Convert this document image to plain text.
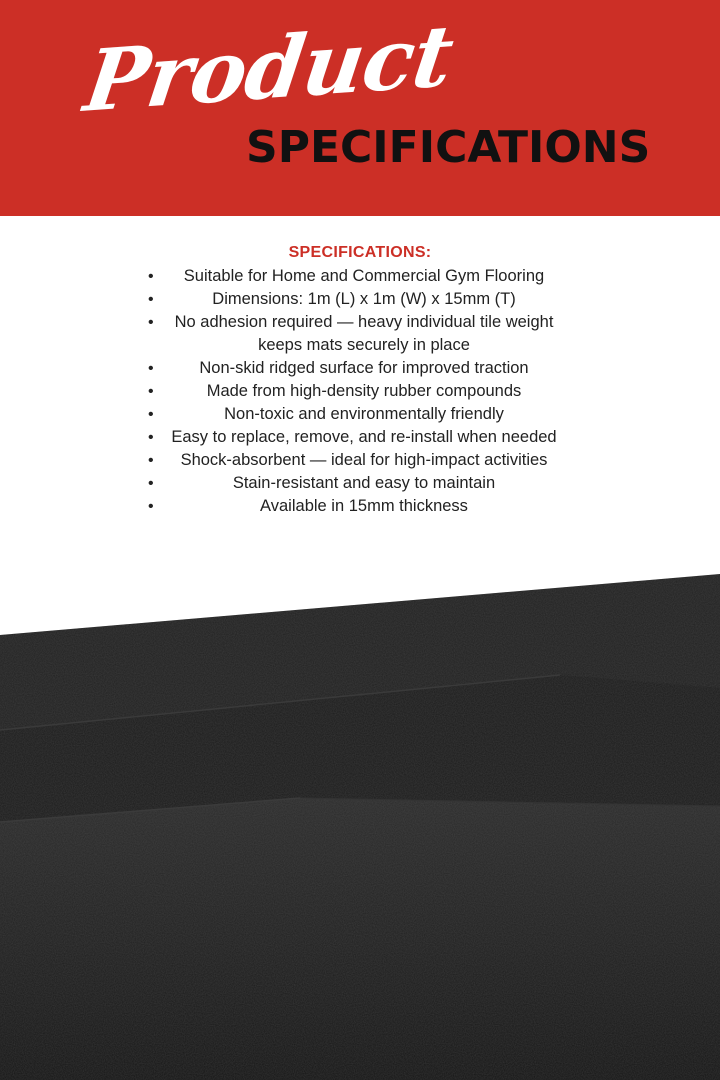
Product
SPECIFICATIONS
SPECIFICATIONS:
• Suitable for Home and Commercial Gym Flooring
•	Dimensions: 1m (L) x 1m (W) x 15mm (T)
• No adhesion required — heavy individual tile weight keeps mats securely in place
•	Non-skid ridged surface for improved traction
•	Made from high-density rubber compounds
•	Non-toxic and environmentally friendly
• Easy to replace, remove, and re-install when needed
• Shock-absorbent — ideal for high-impact activities
•	Stain-resistant and easy to maintain
•	Available in 15mm thickness
